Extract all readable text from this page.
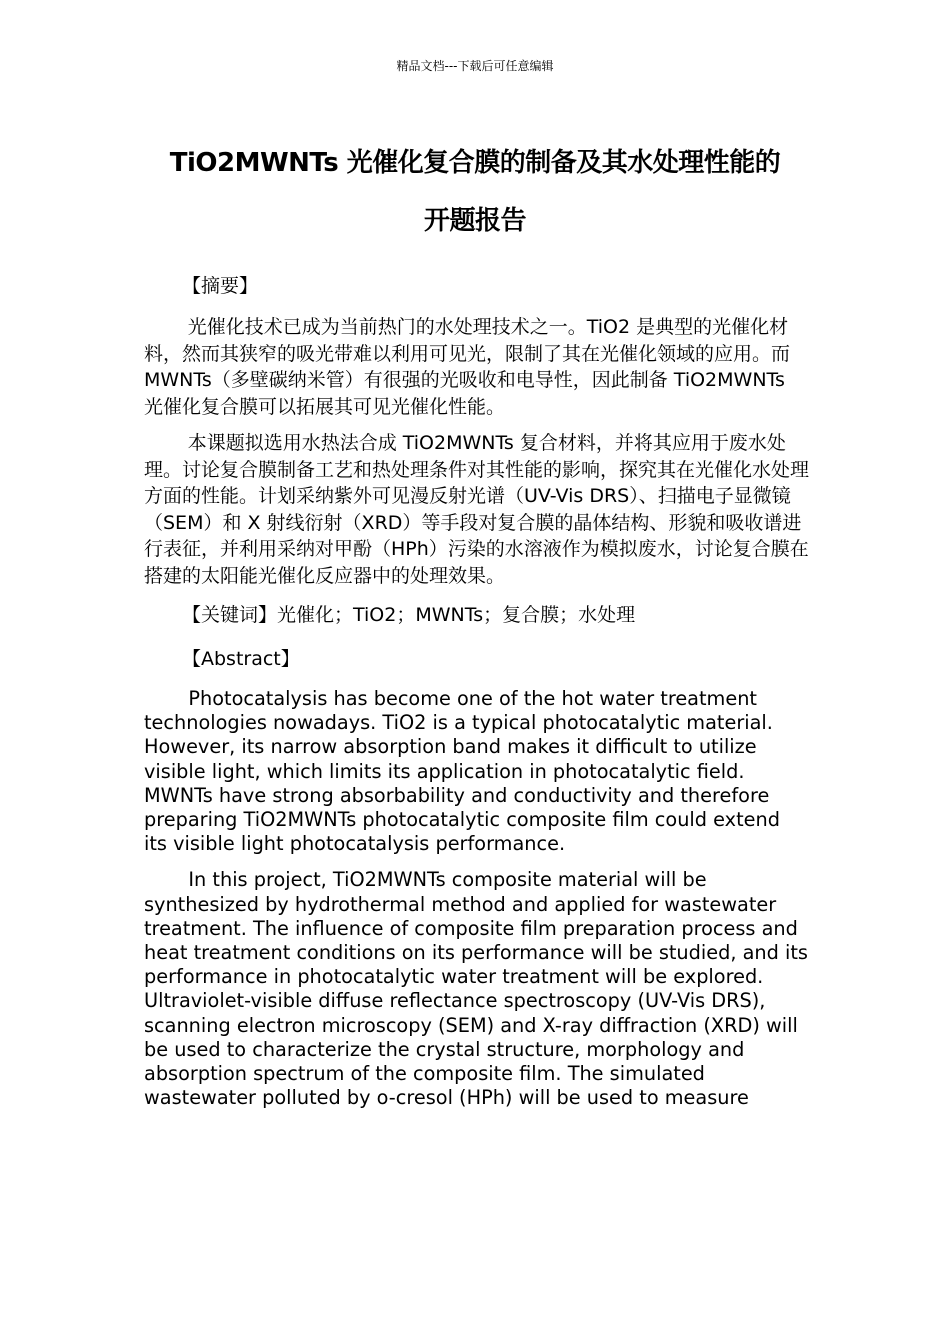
精品文档---下载后可任意编辑
TiO2MWNTs 光催化复合膜的制备及其水处理性能的
开题报告

【摘要】

光催化技术已成为当前热门的水处理技术之一。TiO2 是典型的光催化材料，然而其狭窄的吸光带难以利用可见光，限制了其在光催化领域的应用。而 MWNTs（多壁碳纳米管）有很强的光吸收和电导性，因此制备 TiO2MWNTs 光催化复合膜可以拓展其可见光催化性能。

本课题拟选用水热法合成 TiO2MWNTs 复合材料，并将其应用于废水处理。讨论复合膜制备工艺和热处理条件对其性能的影响，探究其在光催化水处理方面的性能。计划采纳紫外可见漫反射光谱（UV-Vis DRS）、扫描电子显微镜（SEM）和 X 射线衍射（XRD）等手段对复合膜的晶体结构、形貌和吸收谱进行表征，并利用采纳对甲酚（HPh）污染的水溶液作为模拟废水，讨论复合膜在搭建的太阳能光催化反应器中的处理效果。

【关键词】光催化；TiO2；MWNTs；复合膜；水处理

【Abstract】

Photocatalysis has become one of the hot water treatment technologies nowadays. TiO2 is a typical photocatalytic material. However, its narrow absorption band makes it difficult to utilize visible light, which limits its application in photocatalytic field. MWNTs have strong absorbability and conductivity and therefore preparing TiO2MWNTs photocatalytic composite film could extend its visible light photocatalysis performance.

In this project, TiO2MWNTs composite material will be synthesized by hydrothermal method and applied for wastewater treatment. The influence of composite film preparation process and heat treatment conditions on its performance will be studied, and its performance in photocatalytic water treatment will be explored. Ultraviolet-visible diffuse reflectance spectroscopy (UV-Vis DRS), scanning electron microscopy (SEM) and X-ray diffraction (XRD) will be used to characterize the crystal structure, morphology and absorption spectrum of the composite film. The simulated wastewater polluted by o-cresol (HPh) will be used to measure
